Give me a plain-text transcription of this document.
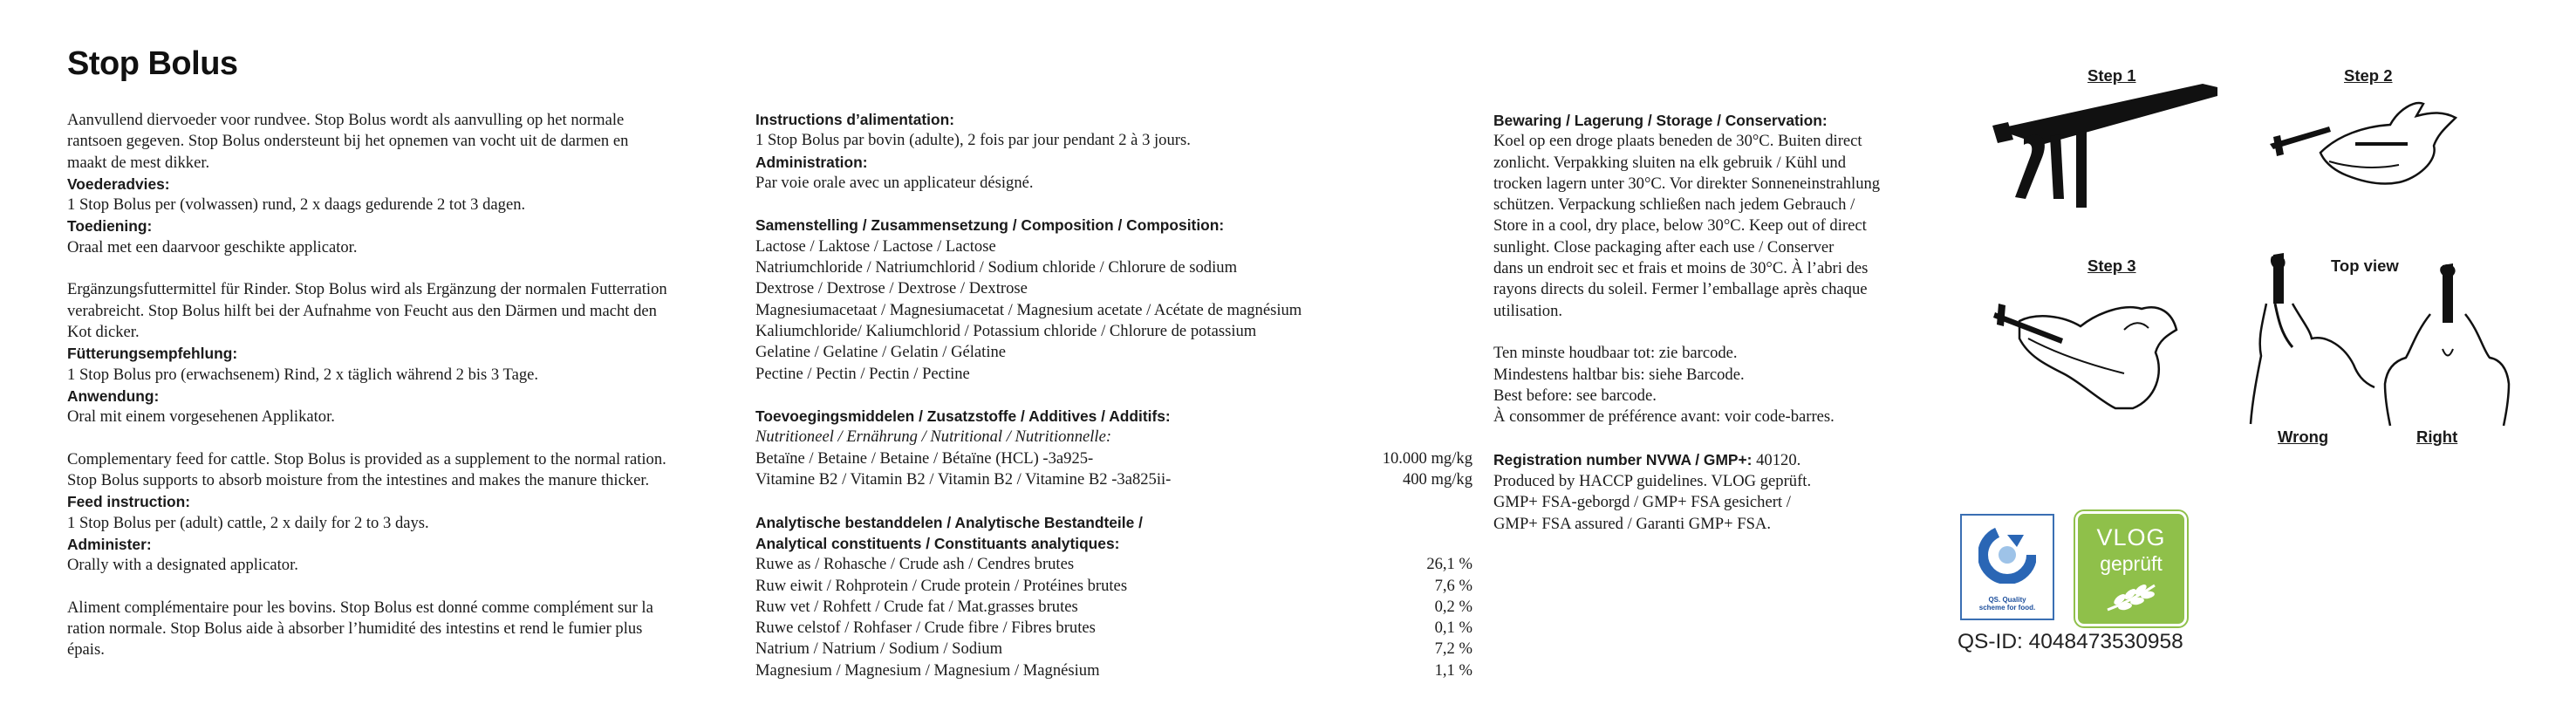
Stop Bolus
Aanvullend diervoeder voor rundvee. Stop Bolus wordt als aanvulling op het normale
rantsoen gegeven. Stop Bolus ondersteunt bij het opnemen van vocht uit de darmen en
maakt de mest dikker.
Voederadvies:
1 Stop Bolus per (volwassen) rund, 2 x daags gedurende 2 tot 3 dagen.
Toediening:
Oraal met een daarvoor geschikte applicator.
Ergänzungsfuttermittel für Rinder. Stop Bolus wird als Ergänzung der normalen Futterration
verabreicht. Stop Bolus hilft bei der Aufnahme von Feucht aus den Därmen und macht den
Kot dicker.
Fütterungsempfehlung:
1 Stop Bolus pro (erwachsenem) Rind, 2 x täglich während 2 bis 3 Tage.
Anwendung:
Oral mit einem vorgesehenen Applikator.
Complementary feed for cattle. Stop Bolus is provided as a supplement to the normal ration.
Stop Bolus supports to absorb moisture from the intestines and makes the manure thicker.
Feed instruction:
1 Stop Bolus per (adult) cattle, 2 x daily for 2 to 3 days.
Administer:
Orally with a designated applicator.
Aliment complémentaire pour les bovins. Stop Bolus est donné comme complément sur la
ration normale. Stop Bolus aide à absorber l’humidité des intestins et rend le fumier plus
épais.
Instructions d’alimentation:
1 Stop Bolus par bovin (adulte), 2 fois par jour pendant 2 à 3 jours.
Administration:
Par voie orale avec un applicateur désigné.
Samenstelling / Zusammensetzung / Composition / Composition:
Lactose / Laktose / Lactose / Lactose
Natriumchloride / Natriumchlorid / Sodium chloride / Chlorure de sodium
Dextrose / Dextrose / Dextrose / Dextrose
Magnesiumacetaat / Magnesiumacetat / Magnesium acetate / Acétate de magnésium
Kaliumchloride/ Kaliumchlorid / Potassium chloride / Chlorure de potassium
Gelatine / Gelatine / Gelatin / Gélatine
Pectine / Pectin / Pectin / Pectine
Toevoegingsmiddelen / Zusatzstoffe / Additives / Additifs:
Nutritioneel / Ernährung / Nutritional / Nutritionnelle:
Betaïne / Betaine / Betaine / Bétaïne (HCL) -3a925-	10.000 mg/kg
Vitamine B2 / Vitamin B2 / Vitamin B2 / Vitamine B2 -3a825ii-	400 mg/kg
Analytische bestanddelen / Analytische Bestandteile /
Analytical constituents / Constituants analytiques:
Ruwe as / Rohasche / Crude ash / Cendres brutes	26,1 %
Ruw eiwit / Rohprotein / Crude protein / Protéines brutes	7,6 %
Ruw vet / Rohfett / Crude fat / Mat.grasses brutes	0,2 %
Ruwe celstof / Rohfaser / Crude fibre / Fibres brutes	0,1 %
Natrium / Natrium / Sodium / Sodium	7,2 %
Magnesium / Magnesium / Magnesium / Magnésium	1,1 %
Bewaring / Lagerung / Storage / Conservation:
Koel op een droge plaats beneden de 30°C. Buiten direct
zonlicht. Verpakking sluiten na elk gebruik / Kühl und
trocken lagern unter 30°C. Vor direkter Sonneneinstrahlung
schützen. Verpackung schließen nach jedem Gebrauch /
Store in a cool, dry place, below 30°C. Keep out of direct
sunlight. Close packaging after each use / Conserver
dans un endroit sec et frais et moins de 30°C. À l’abri des
rayons directs du soleil. Fermer l’emballage après chaque
utilisation.
Ten minste houdbaar tot: zie barcode.
Mindestens haltbar bis: siehe Barcode.
Best before: see barcode.
À consommer de préférence avant: voir code-barres.
Registration number NVWA / GMP+: 40120.
Produced by HACCP guidelines. VLOG geprüft.
GMP+ FSA-geborgd / GMP+ FSA gesichert /
GMP+ FSA assured / Garanti GMP+ FSA.
Step 1	Step 2
Step 3	Top view
Wrong	Right
QS. Quality
scheme for food.
VLOG
geprüft
QS-ID: 4048473530958
